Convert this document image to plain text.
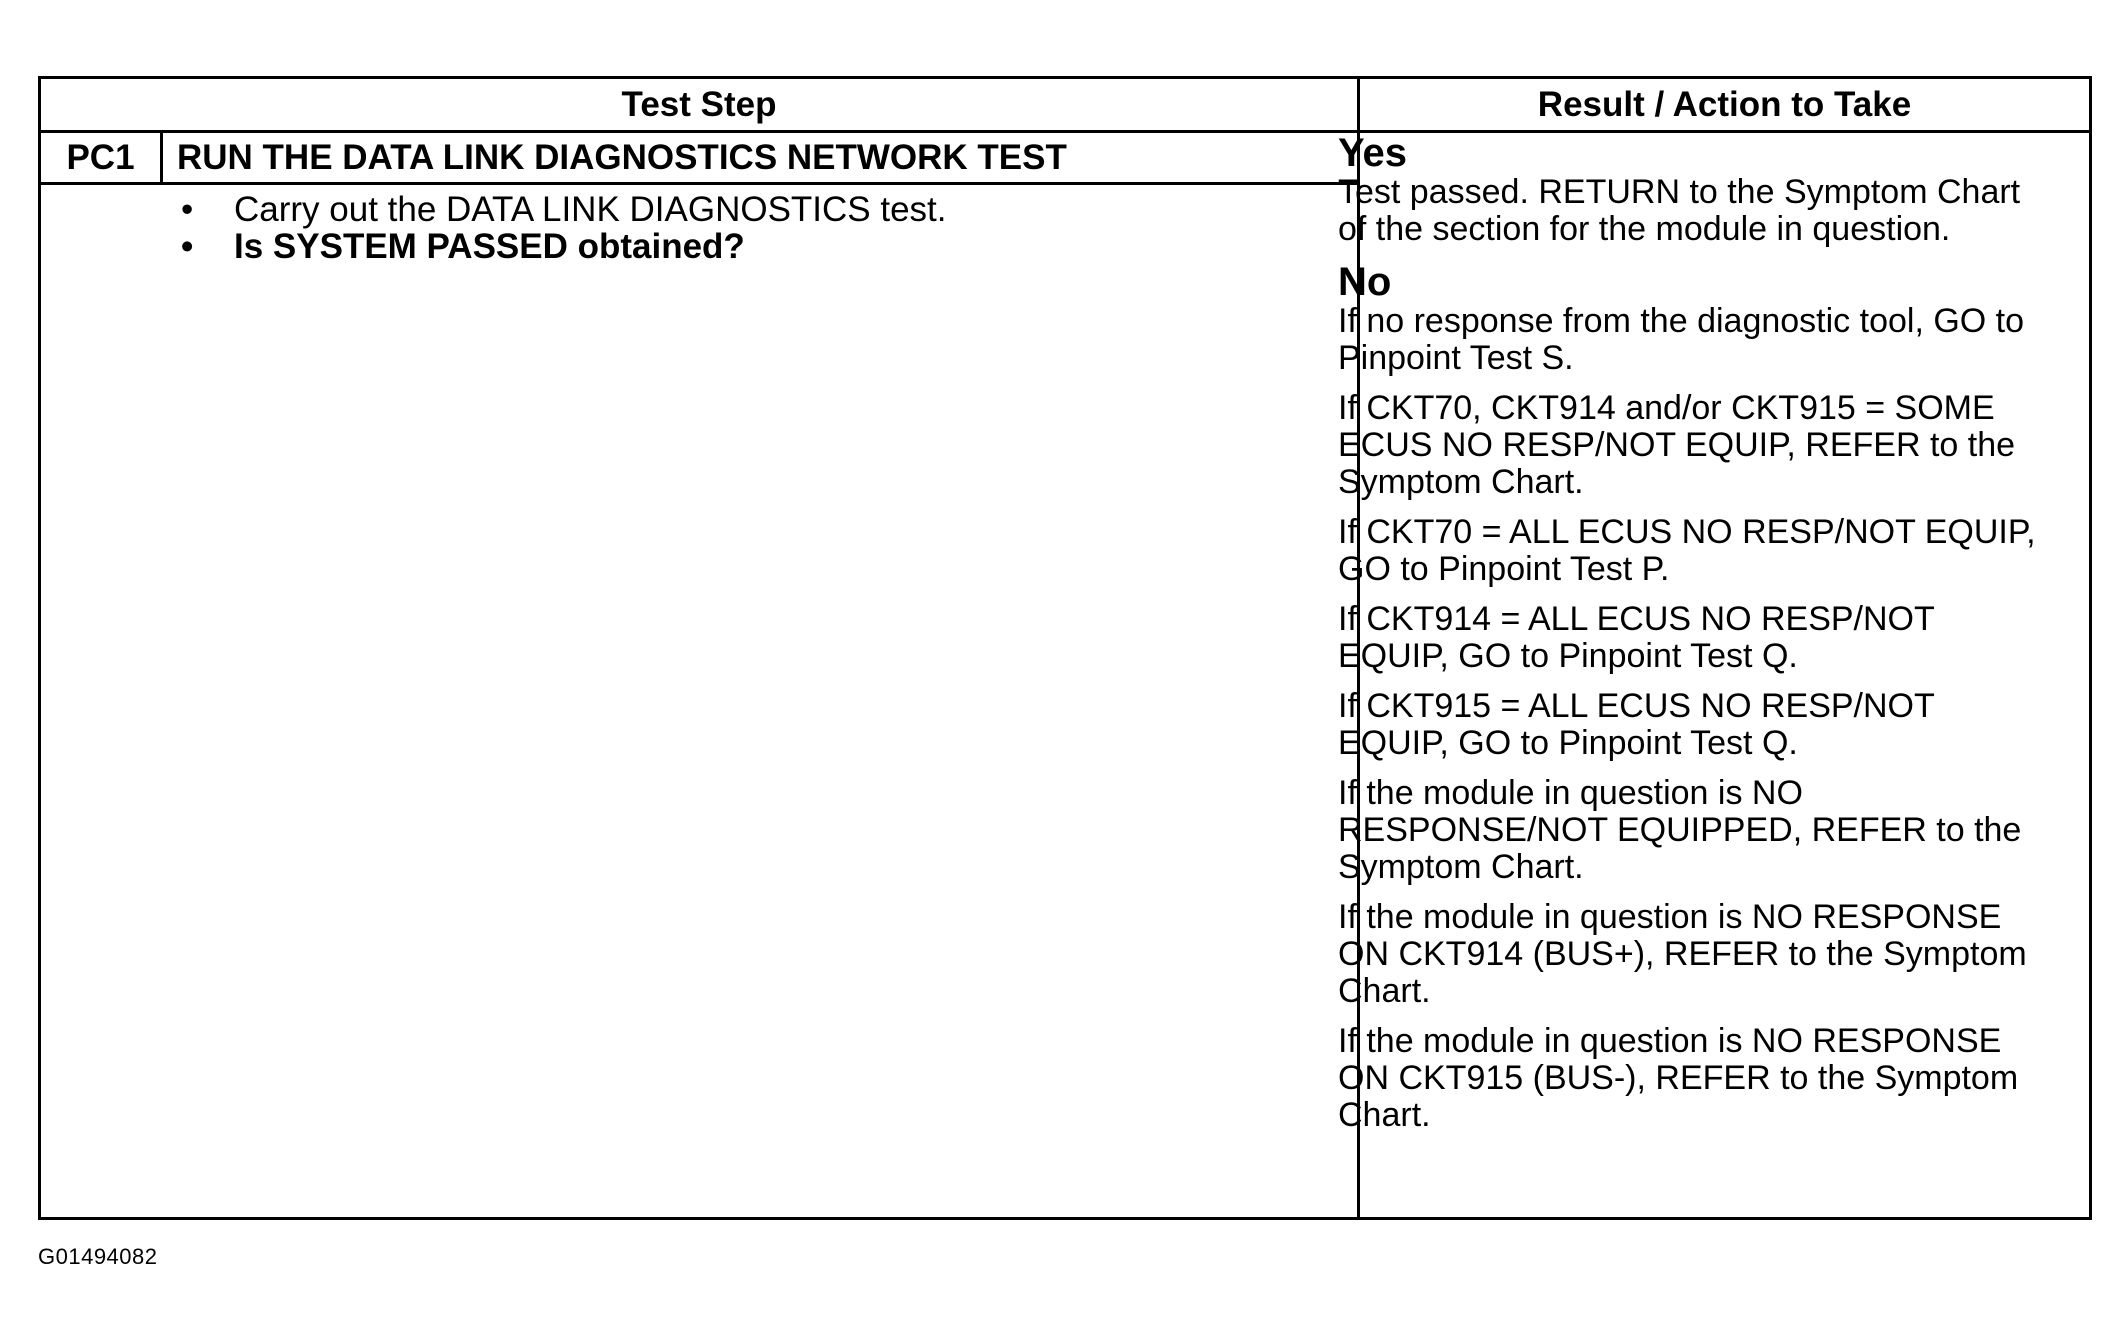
Test Step	Result / Action to Take
PC1	RUN THE DATA LINK DIAGNOSTICS NETWORK TEST
• Carry out the DATA LINK DIAGNOSTICS test.
• Is SYSTEM PASSED obtained?

Yes

Test passed. RETURN to the Symptom Chart of the section for the module in question.

No

If no response from the diagnostic tool, GO to Pinpoint Test S.

If CKT70, CKT914 and/or CKT915 = SOME ECUS NO RESP/NOT EQUIP, REFER to the Symptom Chart.

If CKT70 = ALL ECUS NO RESP/NOT EQUIP, GO to Pinpoint Test P.

If CKT914 = ALL ECUS NO RESP/NOT EQUIP, GO to Pinpoint Test Q.

If CKT915 = ALL ECUS NO RESP/NOT EQUIP, GO to Pinpoint Test Q.

If the module in question is NO RESPONSE/NOT EQUIPPED, REFER to the Symptom Chart.

If the module in question is NO RESPONSE ON CKT914 (BUS+), REFER to the Symptom Chart.

If the module in question is NO RESPONSE ON CKT915 (BUS-), REFER to the Symptom Chart.

G01494082
